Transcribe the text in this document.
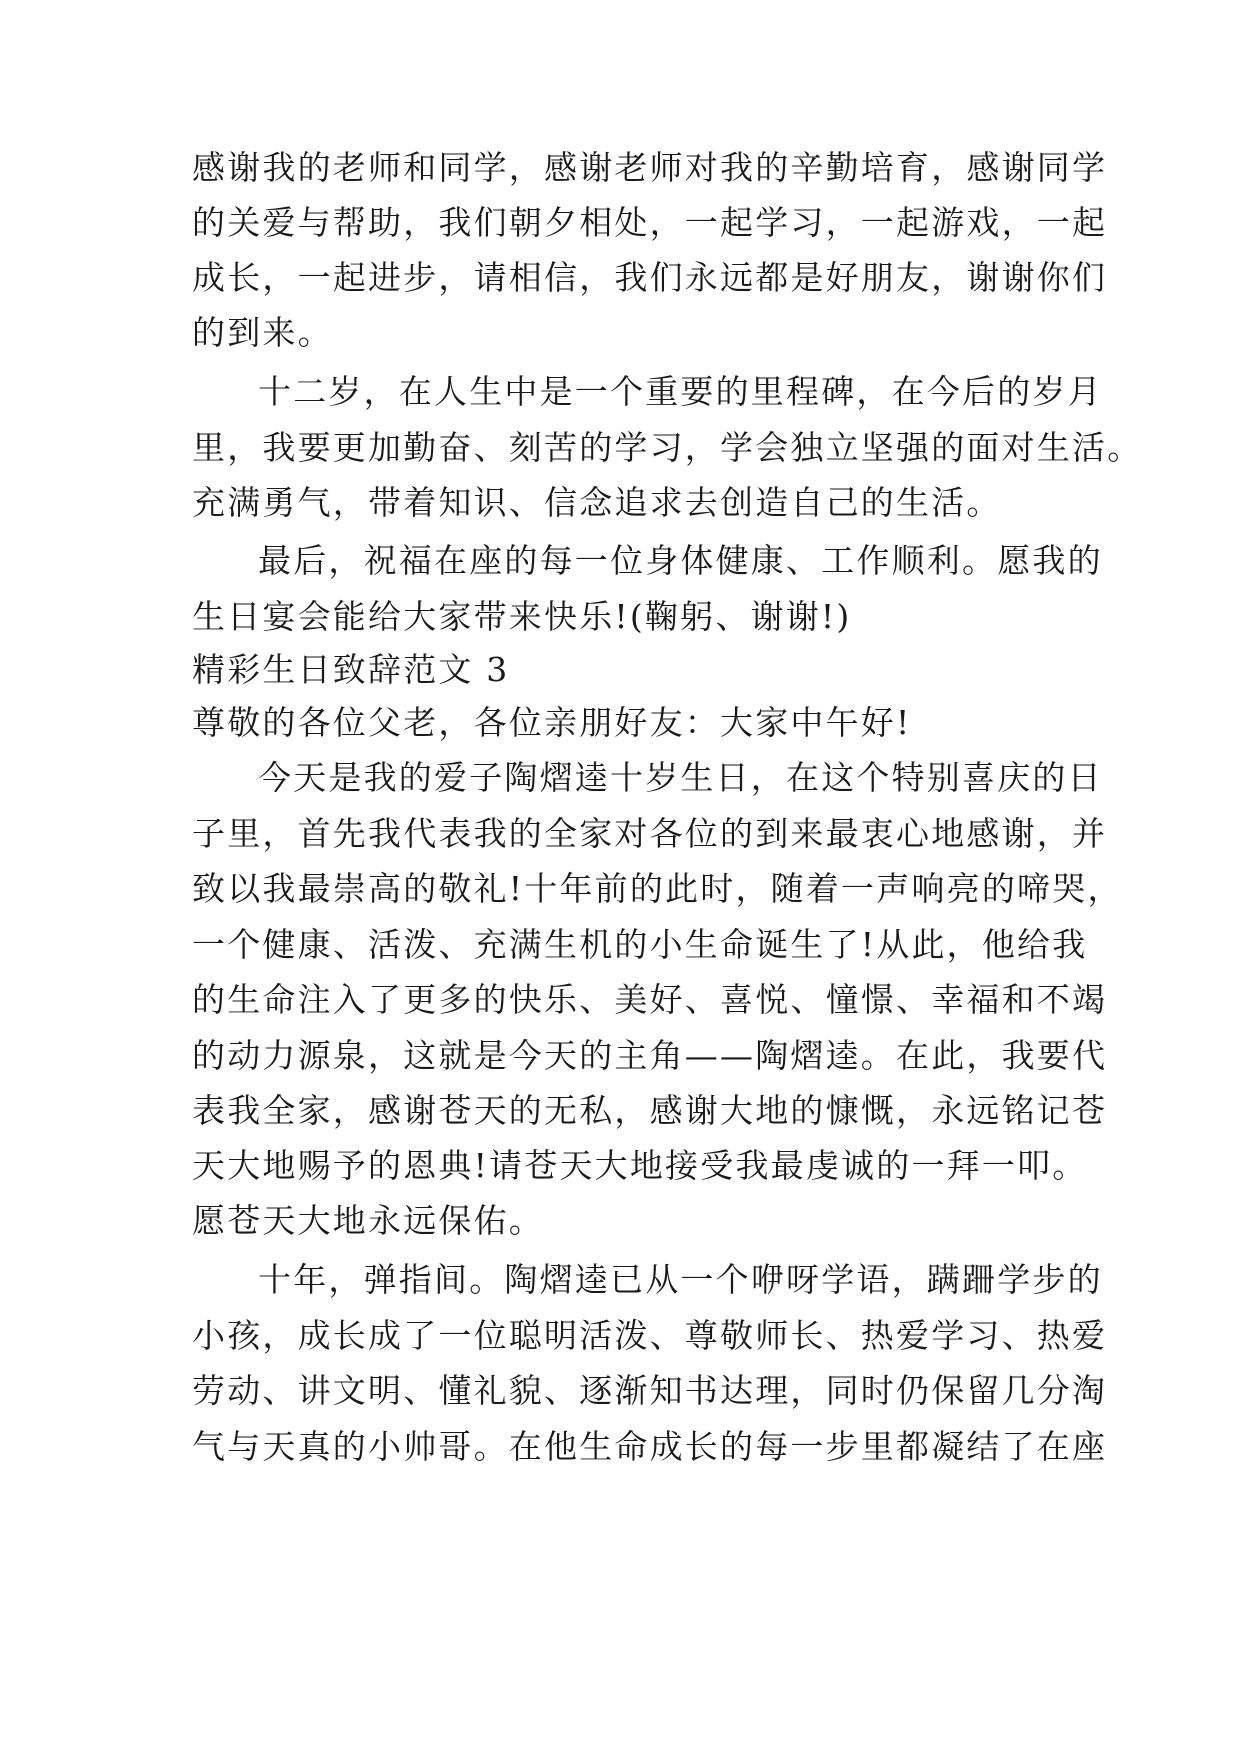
感谢我的老师和同学，感谢老师对我的辛勤培育，感谢同学

的关爱与帮助，我们朝夕相处，一起学习，一起游戏，一起

成长，一起进步，请相信，我们永远都是好朋友，谢谢你们

的到来。

十二岁，在人生中是一个重要的里程碑，在今后的岁月

里，我要更加勤奋、刻苦的学习，学会独立坚强的面对生活。

充满勇气，带着知识、信念追求去创造自己的生活。

最后，祝福在座的每一位身体健康、工作顺利。愿我的

生日宴会能给大家带来快乐!(鞠躬、谢谢!)

精彩生日致辞范文 3

尊敬的各位父老，各位亲朋好友：大家中午好!

今天是我的爱子陶熠逵十岁生日，在这个特别喜庆的日

子里，首先我代表我的全家对各位的到来最衷心地感谢，并

致以我最崇高的敬礼!十年前的此时，随着一声响亮的啼哭，

一个健康、活泼、充满生机的小生命诞生了!从此，他给我

的生命注入了更多的快乐、美好、喜悦、憧憬、幸福和不竭

的动力源泉，这就是今天的主角——陶熠逵。在此，我要代

表我全家，感谢苍天的无私，感谢大地的慷慨，永远铭记苍

天大地赐予的恩典!请苍天大地接受我最虔诚的一拜一叩。

愿苍天大地永远保佑。

十年，弹指间。陶熠逵已从一个咿呀学语，蹒跚学步的

小孩，成长成了一位聪明活泼、尊敬师长、热爱学习、热爱

劳动、讲文明、懂礼貌、逐渐知书达理，同时仍保留几分淘

气与天真的小帅哥。在他生命成长的每一步里都凝结了在座
